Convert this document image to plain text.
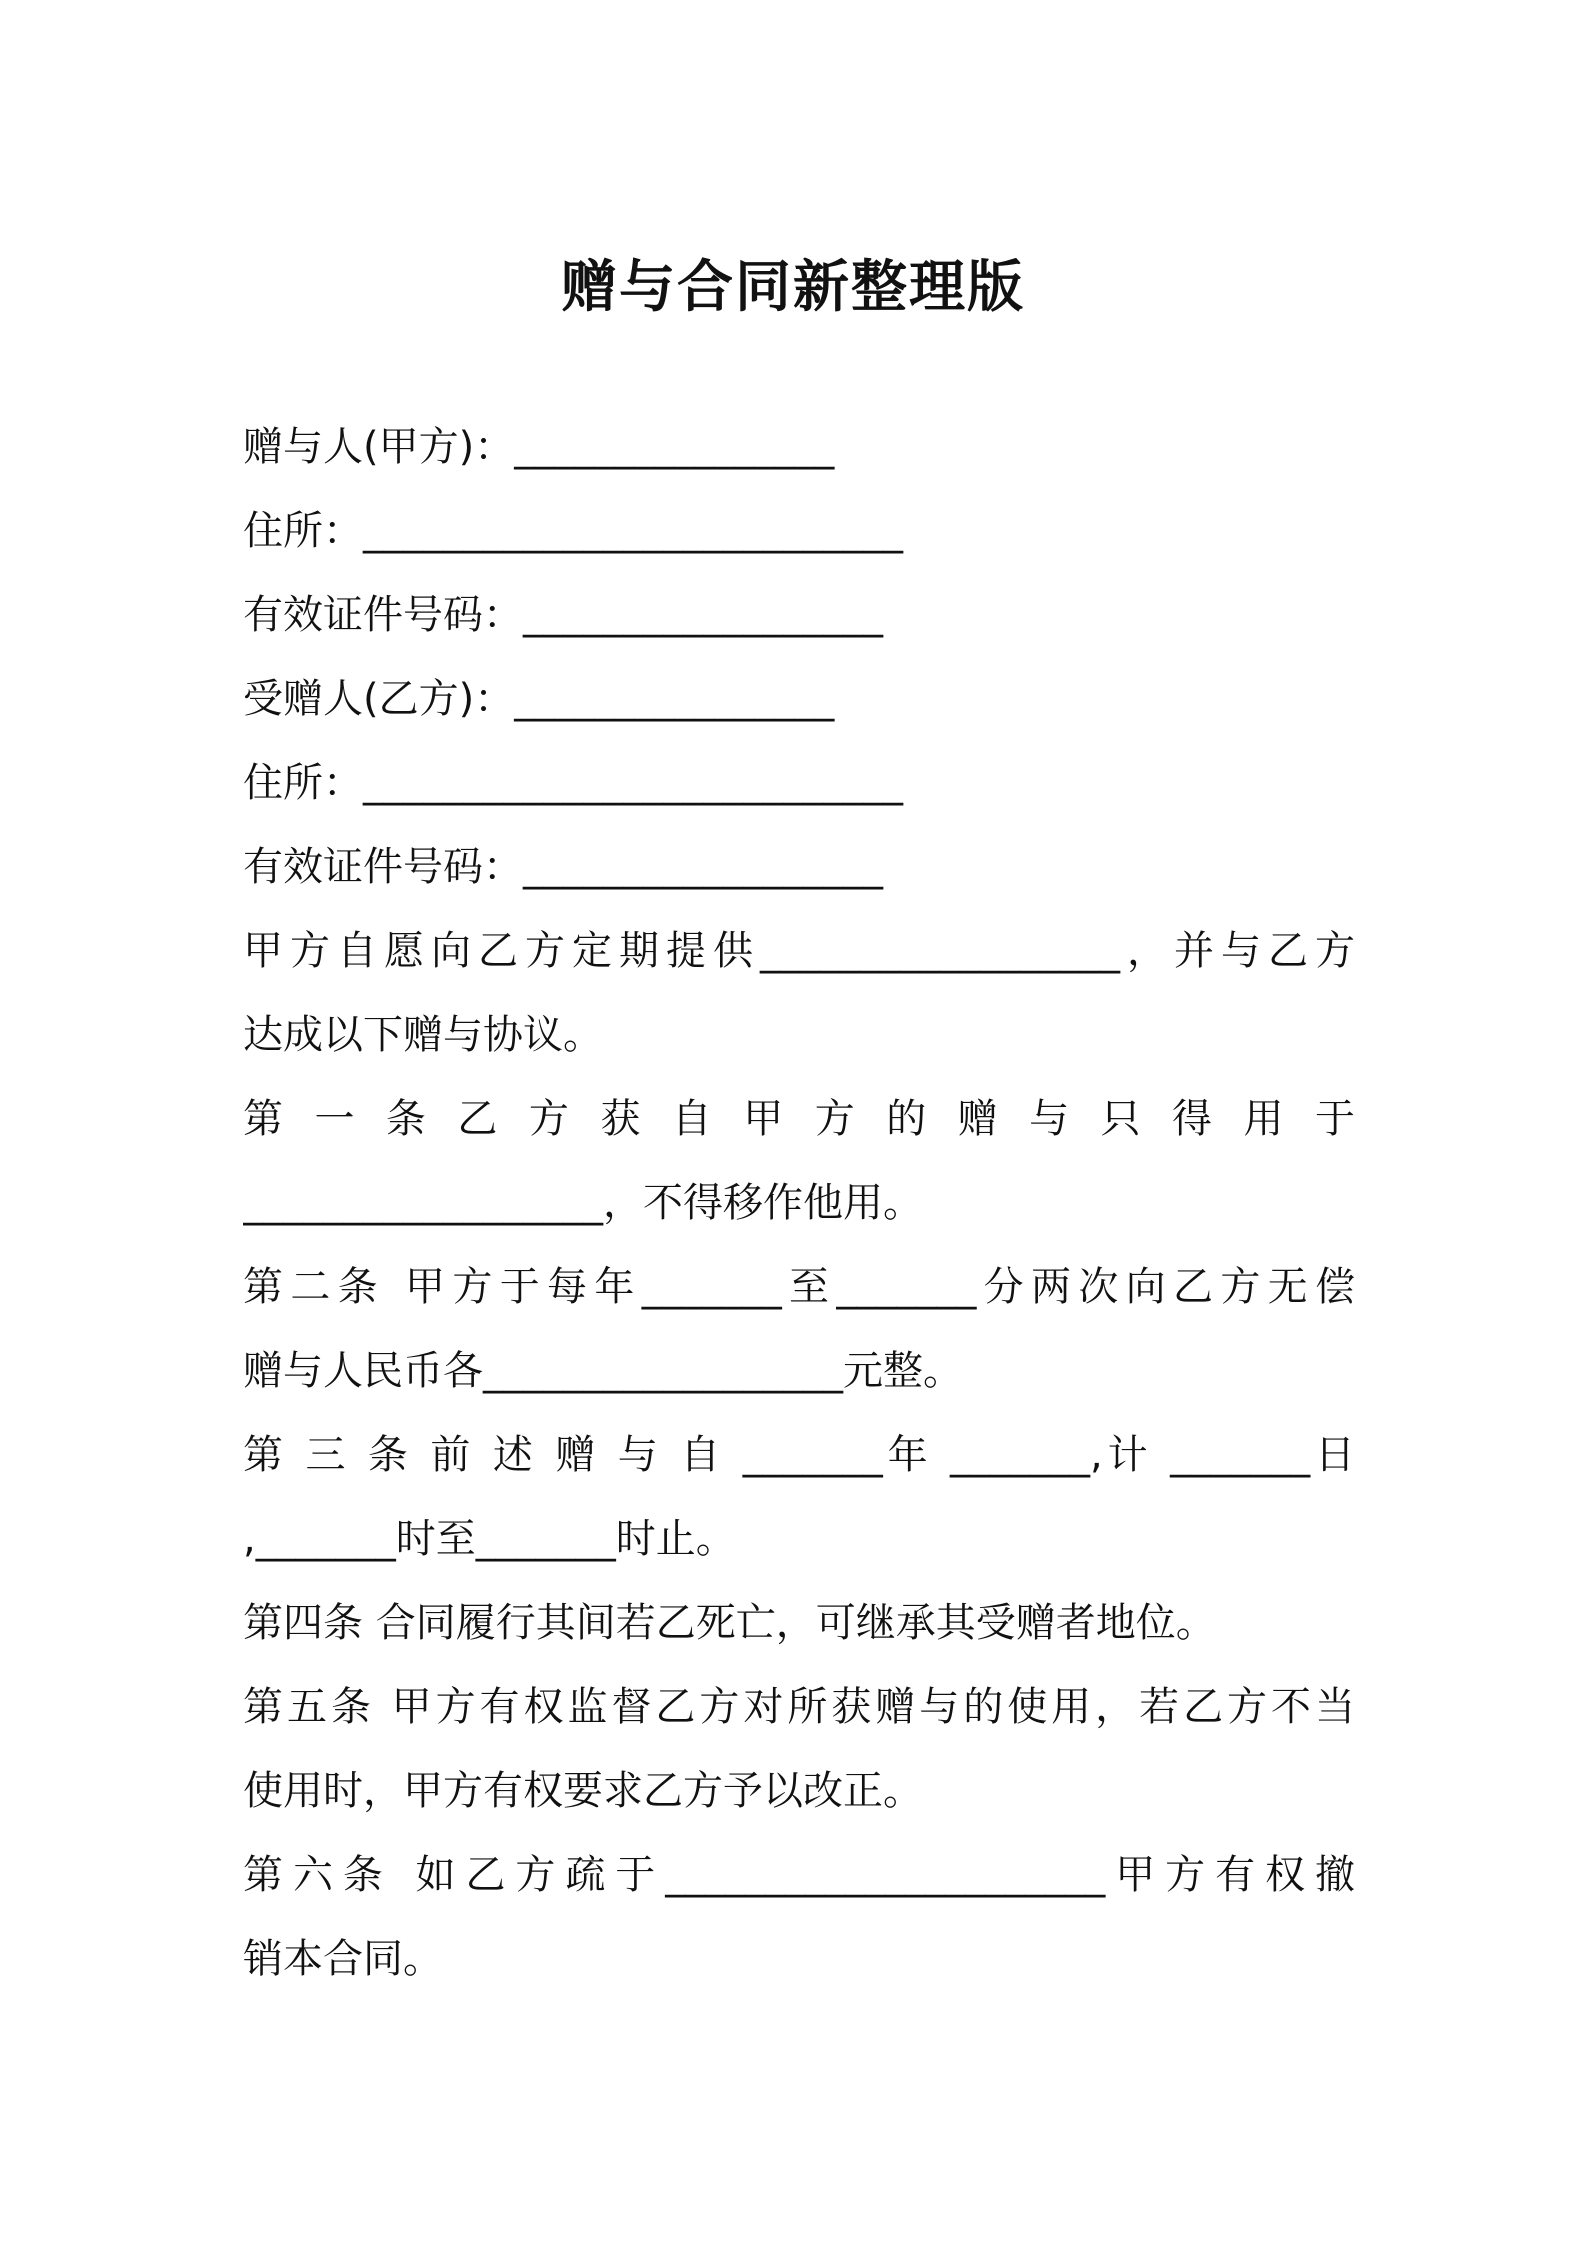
赠与合同新整理版
赠与人(甲方)：________________
住所：___________________________
有效证件号码：__________________
受赠人(乙方)：________________
住所：___________________________
有效证件号码：__________________
甲方自愿向乙方定期提供__________________，并与乙方
达成以下赠与协议。
第 一 条 乙 方 获 自 甲 方 的 赠 与 只 得 用 于
__________________，不得移作他用。
第二条 甲方于每年_______至_______分两次向乙方无偿
赠与人民币各__________________元整。
第 三 条 前 述 赠 与 自 _______年 _______,计 _______日
,_______时至_______时止。
第四条 合同履行其间若乙死亡，可继承其受赠者地位。
第五条 甲方有权监督乙方对所获赠与的使用，若乙方不当
使用时，甲方有权要求乙方予以改正。
第六条 如乙方疏于______________________甲方有权撤
销本合同。
